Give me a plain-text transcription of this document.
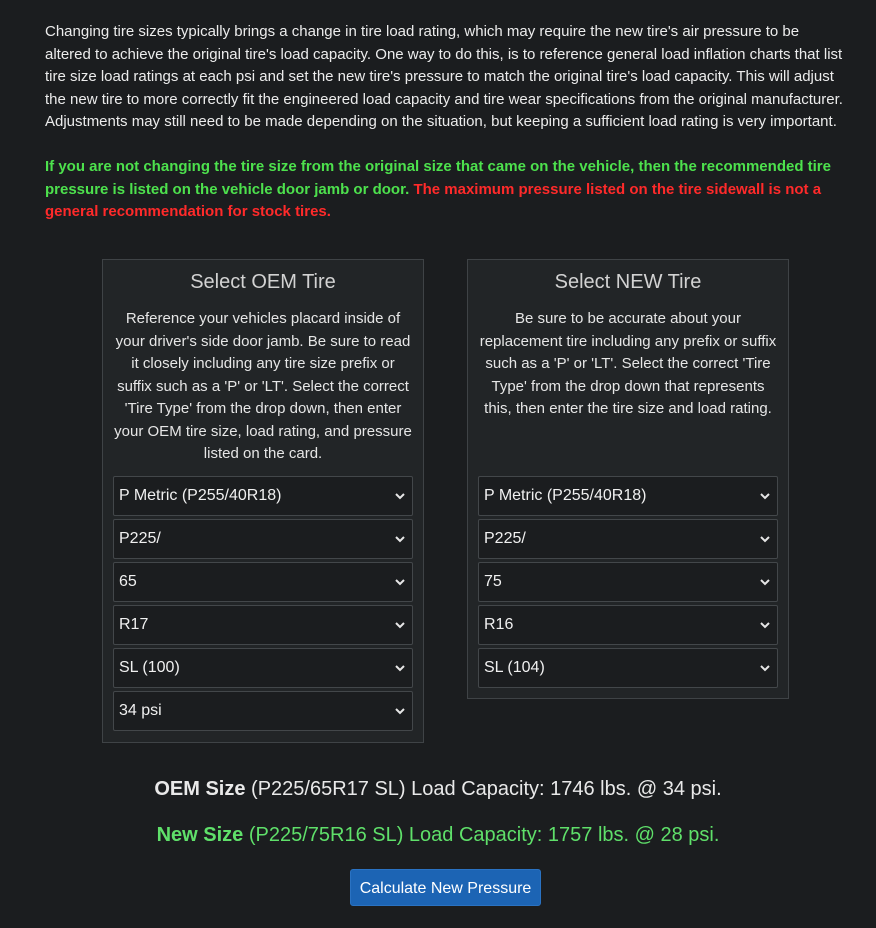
Changing tire sizes typically brings a change in tire load rating, which may require the new tire's air pressure to be altered to achieve the original tire's load capacity. One way to do this, is to reference general load inflation charts that list tire size load ratings at each psi and set the new tire's pressure to match the original tire's load capacity. This will adjust the new tire to more correctly fit the engineered load capacity and tire wear specifications from the original manufacturer. Adjustments may still need to be made depending on the situation, but keeping a sufficient load rating is very important.

If you are not changing the tire size from the original size that came on the vehicle, then the recommended tire pressure is listed on the vehicle door jamb or door. The maximum pressure listed on the tire sidewall is not a general recommendation for stock tires.

Select OEM Tire
Reference your vehicles placard inside of your driver's side door jamb. Be sure to read it closely including any tire size prefix or suffix such as a 'P' or 'LT'. Select the correct 'Tire Type' from the drop down, then enter your OEM tire size, load rating, and pressure listed on the card.
P Metric (P255/40R18)
P225/
65
R17
SL (100)
34 psi
Select NEW Tire
Be sure to be accurate about your replacement tire including any prefix or suffix such as a 'P' or 'LT'. Select the correct 'Tire Type' from the drop down that represents this, then enter the tire size and load rating.
P Metric (P255/40R18)
P225/
75
R16
SL (104)
OEM Size (P225/65R17 SL) Load Capacity: 1746 lbs. @ 34 psi.
New Size (P225/75R16 SL) Load Capacity: 1757 lbs. @ 28 psi.
Calculate New Pressure
